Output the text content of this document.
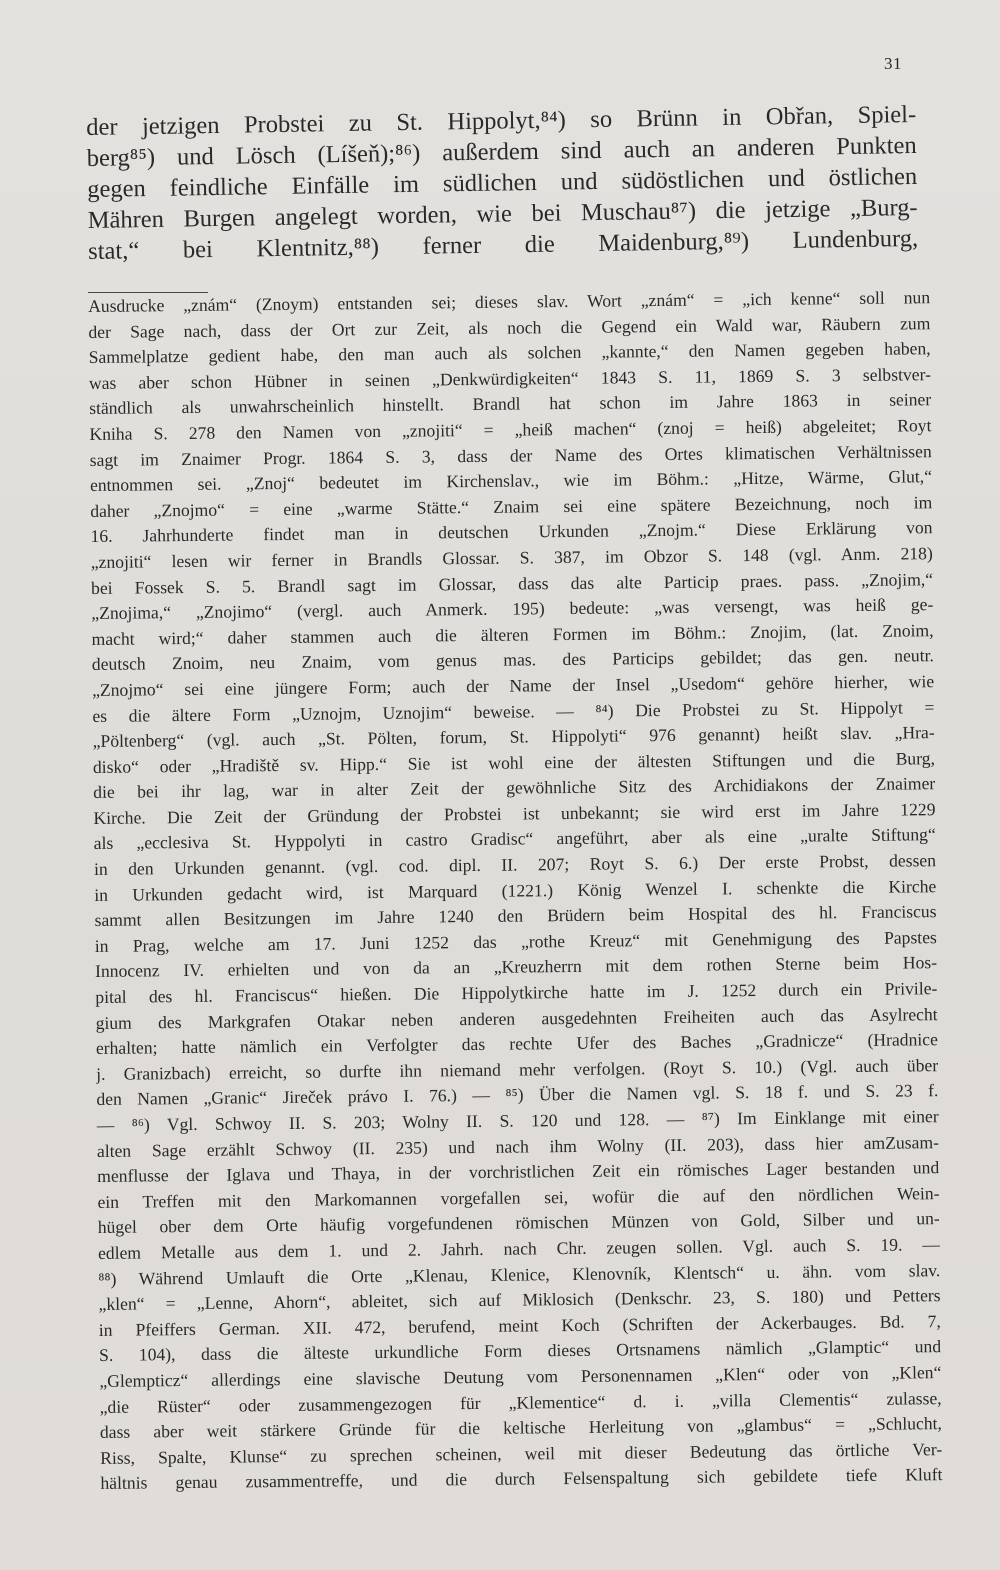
31
der jetzigen Probstei zu St. Hippolyt,⁸⁴) so Brünn in Obřan, Spiel-
berg⁸⁵) und Lösch (Líšeň);⁸⁶) außerdem sind auch an anderen Punkten
gegen feindliche Einfälle im südlichen und südöstlichen und östlichen
Mähren Burgen angelegt worden, wie bei Muschau⁸⁷) die jetzige „Burg-
stat,“ bei Klentnitz,⁸⁸) ferner die Maidenburg,⁸⁹) Lundenburg,
Ausdrucke „znám“ (Znoym) entstanden sei; dieses slav. Wort „znám“ = „ich kenne“ soll nun
der Sage nach, dass der Ort zur Zeit, als noch die Gegend ein Wald war, Räubern zum
Sammelplatze gedient habe, den man auch als solchen „kannte,“ den Namen gegeben haben,
was aber schon Hübner in seinen „Denkwürdigkeiten“ 1843 S. 11, 1869 S. 3 selbstver-
ständlich als unwahrscheinlich hinstellt. Brandl hat schon im Jahre 1863 in seiner
Kniha S. 278 den Namen von „znojiti“ = „heiß machen“ (znoj = heiß) abgeleitet; Royt
sagt im Znaimer Progr. 1864 S. 3, dass der Name des Ortes klimatischen Verhältnissen
entnommen sei. „Znoj“ bedeutet im Kirchenslav., wie im Böhm.: „Hitze, Wärme, Glut,“
daher „Znojmo“ = eine „warme Stätte.“ Znaim sei eine spätere Bezeichnung, noch im
16. Jahrhunderte findet man in deutschen Urkunden „Znojm.“ Diese Erklärung von
„znojiti“ lesen wir ferner in Brandls Glossar. S. 387, im Obzor S. 148 (vgl. Anm. 218)
bei Fossek S. 5. Brandl sagt im Glossar, dass das alte Particip praes. pass. „Znojim,“
„Znojima,“ „Znojimo“ (vergl. auch Anmerk. 195) bedeute: „was versengt, was heiß ge-
macht wird;“ daher stammen auch die älteren Formen im Böhm.: Znojim, (lat. Znoim,
deutsch Znoim, neu Znaim, vom genus mas. des Particips gebildet; das gen. neutr.
„Znojmo“ sei eine jüngere Form; auch der Name der Insel „Usedom“ gehöre hierher, wie
es die ältere Form „Uznojm, Uznojim“ beweise. — ⁸⁴) Die Probstei zu St. Hippolyt =
„Pöltenberg“ (vgl. auch „St. Pölten, forum, St. Hippolyti“ 976 genannt) heißt slav. „Hra-
disko“ oder „Hradiště sv. Hipp.“ Sie ist wohl eine der ältesten Stiftungen und die Burg,
die bei ihr lag, war in alter Zeit der gewöhnliche Sitz des Archidiakons der Znaimer
Kirche. Die Zeit der Gründung der Probstei ist unbekannt; sie wird erst im Jahre 1229
als „ecclesiva St. Hyppolyti in castro Gradisc“ angeführt, aber als eine „uralte Stiftung“
in den Urkunden genannt. (vgl. cod. dipl. II. 207; Royt S. 6.) Der erste Probst, dessen
in Urkunden gedacht wird, ist Marquard (1221.) König Wenzel I. schenkte die Kirche
sammt allen Besitzungen im Jahre 1240 den Brüdern beim Hospital des hl. Franciscus
in Prag, welche am 17. Juni 1252 das „rothe Kreuz“ mit Genehmigung des Papstes
Innocenz IV. erhielten und von da an „Kreuzherrn mit dem rothen Sterne beim Hos-
pital des hl. Franciscus“ hießen. Die Hippolytkirche hatte im J. 1252 durch ein Privile-
gium des Markgrafen Otakar neben anderen ausgedehnten Freiheiten auch das Asylrecht
erhalten; hatte nämlich ein Verfolgter das rechte Ufer des Baches „Gradnicze“ (Hradnice
j. Granizbach) erreicht, so durfte ihn niemand mehr verfolgen. (Royt S. 10.) (Vgl. auch über
den Namen „Granic“ Jireček právo I. 76.) — ⁸⁵) Über die Namen vgl. S. 18 f. und S. 23 f.
— ⁸⁶) Vgl. Schwoy II. S. 203; Wolny II. S. 120 und 128. — ⁸⁷) Im Einklange mit einer
alten Sage erzählt Schwoy (II. 235) und nach ihm Wolny (II. 203), dass hier amZusam-
menflusse der Iglava und Thaya, in der vorchristlichen Zeit ein römisches Lager bestanden und
ein Treffen mit den Markomannen vorgefallen sei, wofür die auf den nördlichen Wein-
hügel ober dem Orte häufig vorgefundenen römischen Münzen von Gold, Silber und un-
edlem Metalle aus dem 1. und 2. Jahrh. nach Chr. zeugen sollen. Vgl. auch S. 19. —
⁸⁸) Während Umlauft die Orte „Klenau, Klenice, Klenovník, Klentsch“ u. ähn. vom slav.
„klen“ = „Lenne, Ahorn“, ableitet, sich auf Miklosich (Denkschr. 23, S. 180) und Petters
in Pfeiffers German. XII. 472, berufend, meint Koch (Schriften der Ackerbauges. Bd. 7,
S. 104), dass die älteste urkundliche Form dieses Ortsnamens nämlich „Glamptic“ und
„Glempticz“ allerdings eine slavische Deutung vom Personennamen „Klen“ oder von „Klen“
„die Rüster“ oder zusammengezogen für „Klementice“ d. i. „villa Clementis“ zulasse,
dass aber weit stärkere Gründe für die keltische Herleitung von „glambus“ = „Schlucht,
Riss, Spalte, Klunse“ zu sprechen scheinen, weil mit dieser Bedeutung das örtliche Ver-
hältnis genau zusammentreffe, und die durch Felsenspaltung sich gebildete tiefe Kluft
